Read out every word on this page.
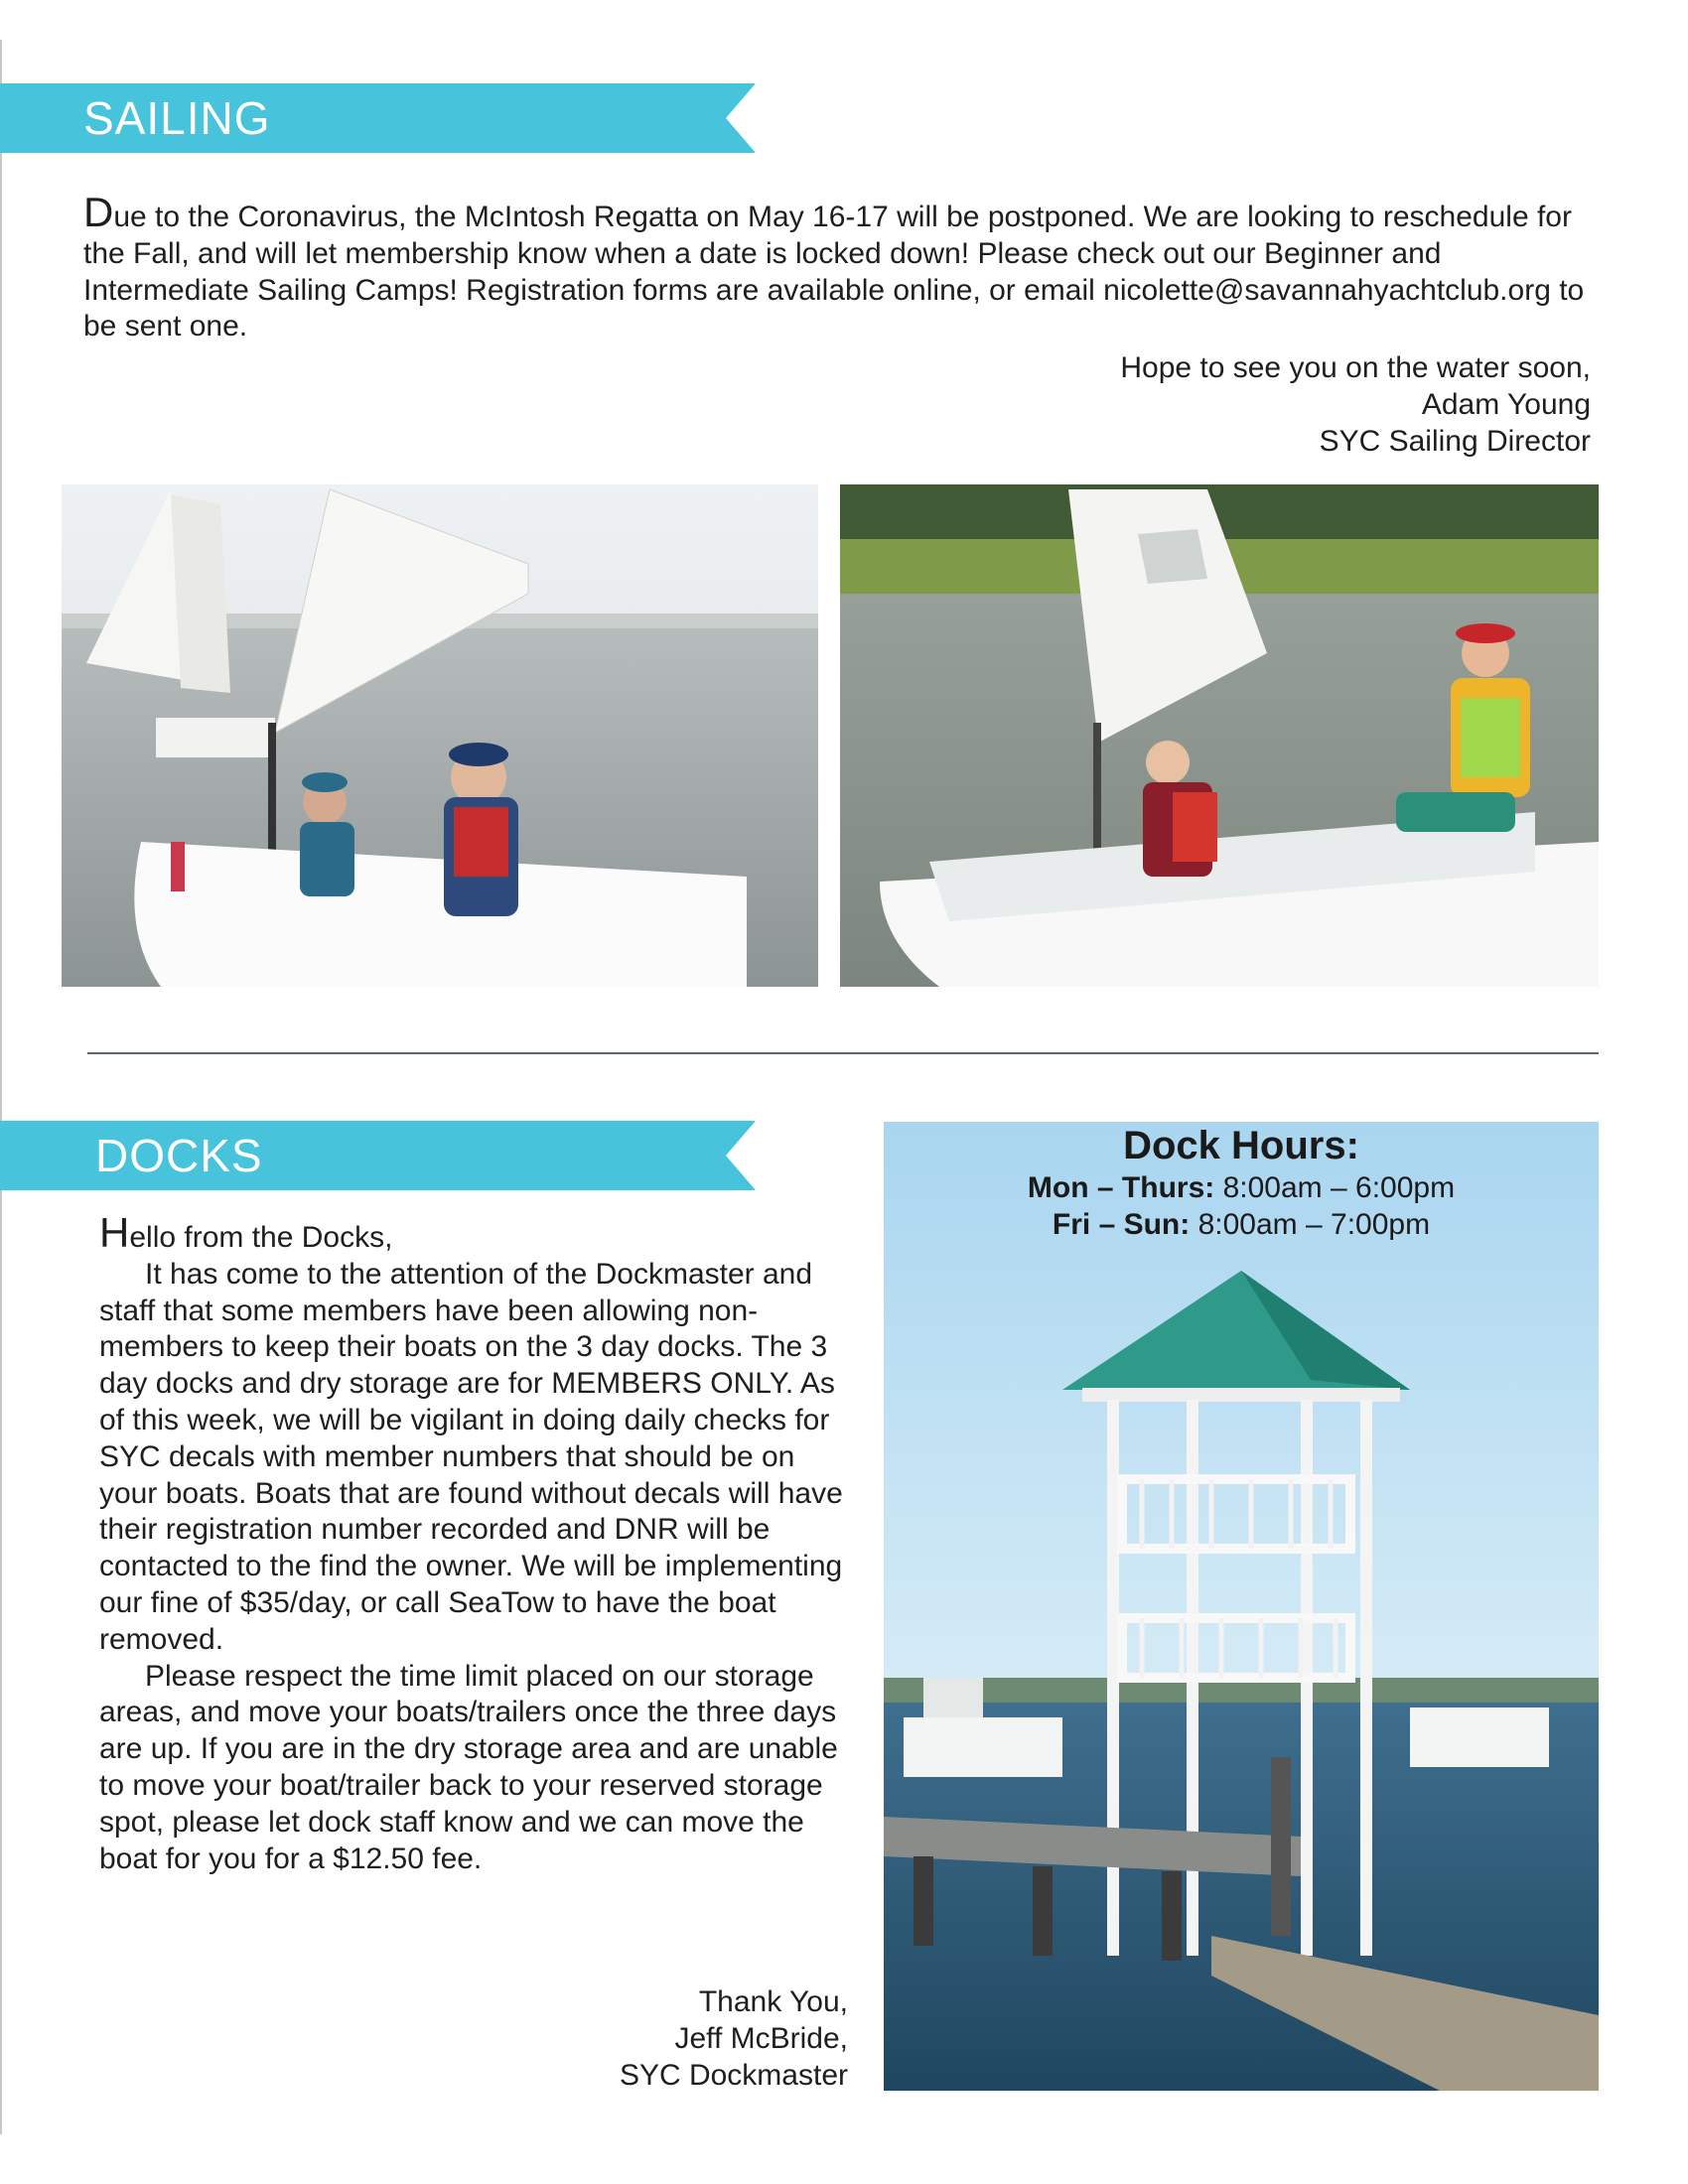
SAILING

Due to the Coronavirus, the McIntosh Regatta on May 16-17 will be postponed. We are looking to reschedule for the Fall, and will let membership know when a date is locked down! Please check out our Beginner and Intermediate Sailing Camps! Registration forms are available online, or email nicolette@savannahyachtclub.org to be sent one.

Hope to see you on the water soon,
Adam Young
SYC Sailing Director
DOCKS

Hello from the Docks,

It has come to the attention of the Dockmaster and staff that some members have been allowing non-members to keep their boats on the 3 day docks. The 3 day docks and dry storage are for MEMBERS ONLY. As of this week, we will be vigilant in doing daily checks for SYC decals with member numbers that should be on your boats. Boats that are found without decals will have their registration number recorded and DNR will be contacted to the find the owner. We will be implementing our fine of $35/day, or call SeaTow to have the boat removed.

Please respect the time limit placed on our storage areas, and move your boats/trailers once the three days are up. If you are in the dry storage area and are unable to move your boat/trailer back to your reserved storage spot, please let dock staff know and we can move the boat for you for a $12.50 fee.

Thank You,
Jeff McBride,
SYC Dockmaster
Dock Hours:
Mon – Thurs: 8:00am – 6:00pm
Fri – Sun: 8:00am – 7:00pm
